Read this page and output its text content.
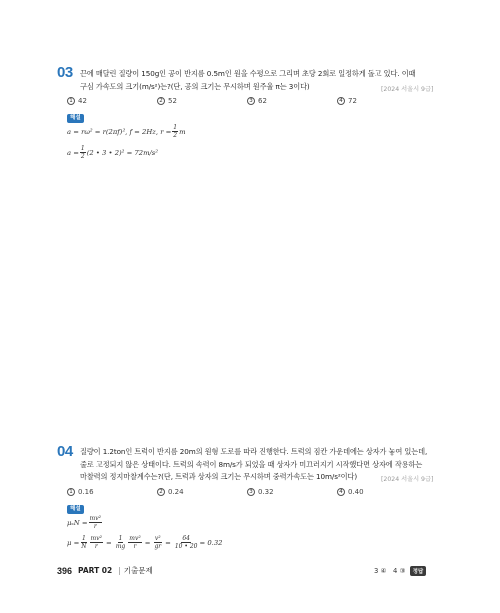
03 끈에 매달린 질량이 150g인 공이 반지름 0.5m인 원을 수평으로 그리며 초당 2회로 일정하게 돌고 있다. 이때

구심 가속도의 크기(m/s²)는?(단, 공의 크기는 무시하며 원주율 π는 3이다)	[2024 서울시 9급]
1 42	2 52	3 62	4 72
해설
a = rω² = r(2πf)², f = 2Hz, $r = \frac{1}{2}$ m
$a = \frac{1}{2} (2$ • 3 • 2)² = 72m/s²
04 질량이 1.2ton인 트럭이 반지름 20m의 원형 도로를 따라 진행한다. 트럭의 짐칸 가운데에는 상자가 놓여 있는데,

줄로 고정되지 않은 상태이다. 트럭의 속력이 8m/s가 되었을 때 상자가 미끄러지기 시작했다면 상자에 작용하는

마찰력의 정지마찰계수는?(단, 트럭과 상자의 크기는 무시하며 중력가속도는 10m/s²이다)	[2024 서울시 9급]
1 0.16	2 0.24	3 0.32	4 0.40
해설
$\mu_sN = \frac{\text{mv²}}{r}$
$\mu = \frac{1}{N} \frac{\text{mv²}}{r} = \frac{1}{mg} \frac{\text{mv²}}{r} = \frac{\text{v²}}{gr} = \frac{64}{10 • 20} = 0.32$
396 PART 02 | 기출문제	3 ④   4 ③	정답
